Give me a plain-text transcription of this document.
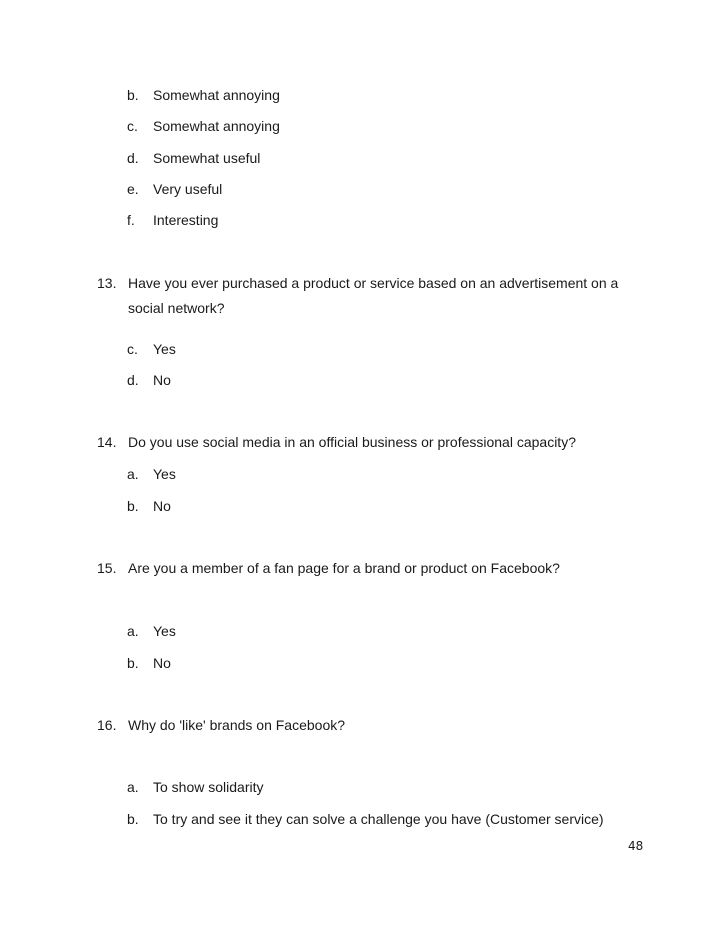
b. Somewhat annoying
c. Somewhat annoying
d. Somewhat useful
e. Very useful
f. Interesting
13. Have you ever purchased a product or service based on an advertisement on a
social network?
c. Yes
d. No
14. Do you use social media in an official business or professional capacity?
a. Yes
b. No
15. Are you a member of a fan page for a brand or product on Facebook?
a. Yes
b. No
16. Why do 'like' brands on Facebook?
a. To show solidarity
b. To try and see it they can solve a challenge you have (Customer service)
48
